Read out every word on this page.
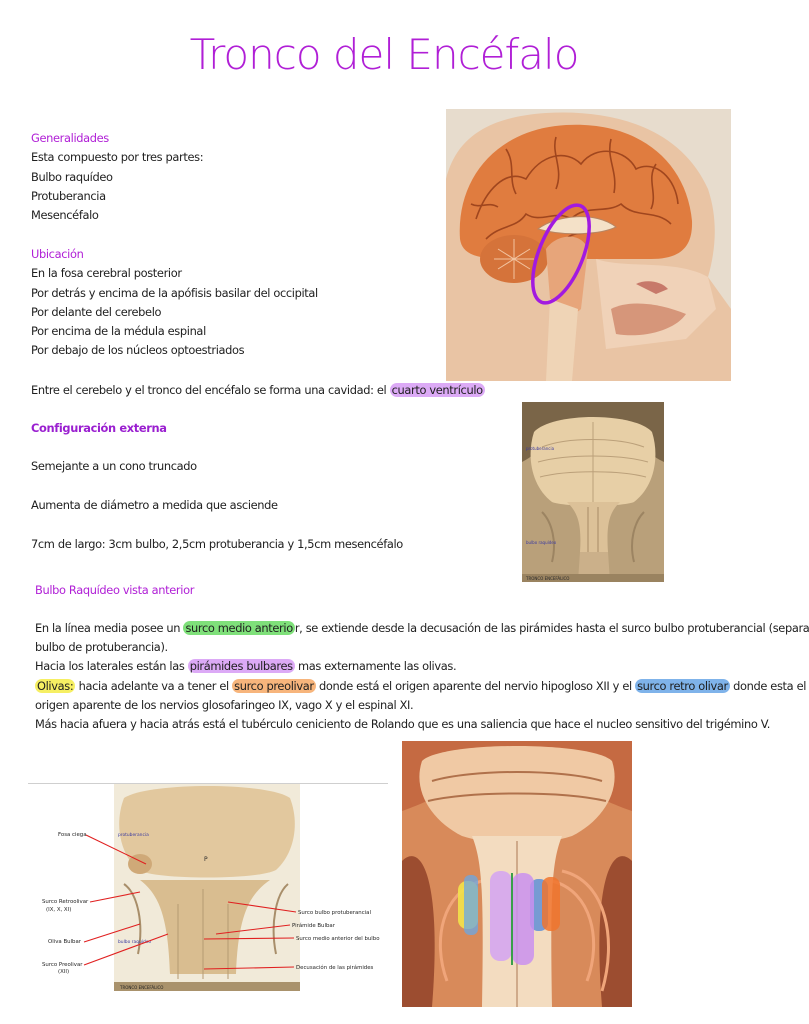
Tronco del Encéfalo
Generalidades
Esta compuesto por tres partes:
Bulbo raquídeo
Protuberancia
Mesencéfalo
Ubicación
En la fosa cerebral posterior
Por detrás y encima de la apófisis basilar del occipital
Por delante del cerebelo
Por encima de la médula espinal
Por debajo de los núcleos optoestriados
Entre el cerebelo y el tronco del encéfalo se forma una cavidad: el cuarto ventrículo
Configuración externa
Semejante a un cono truncado
Aumenta de diámetro a medida que asciende
7cm de largo: 3cm bulbo, 2,5cm protuberancia y 1,5cm mesencéfalo
Bulbo Raquídeo vista anterior
En la línea media posee un surco medio anterio r, se extiende desde la decusación de las pirámides hasta el surco bulbo protuberancial (separa
bulbo de protuberancia).
Hacia los laterales están las pirámides bulbares mas externamente las olivas.
Olivas: hacia adelante va a tener el surco preolivar donde está el origen aparente del nervio hipogloso XII y el surco retro olivar donde esta el
origen aparente de los nervios glosofaringeo IX, vago X y el espinal XI.
Más hacia afuera y hacia atrás está el tubérculo ceniciento de Rolando que es una saliencia que hace el nucleo sensitivo del trigémino V.
protuberancia
bulbo raquídeo
TRONCO ENCEFÁLICO
Fosa ciega
Surco Retroolivar
(IX, X, XI)
Oliva Bulbar
Surco Preolivar
(XII)
Surco bulbo protuberancial
Pirámide Bulbar
Surco medio anterior del bulbo
Decusación de las pirámides
P
protuberancia
bulbo raquídeo
TRONCO ENCEFÁLICO
